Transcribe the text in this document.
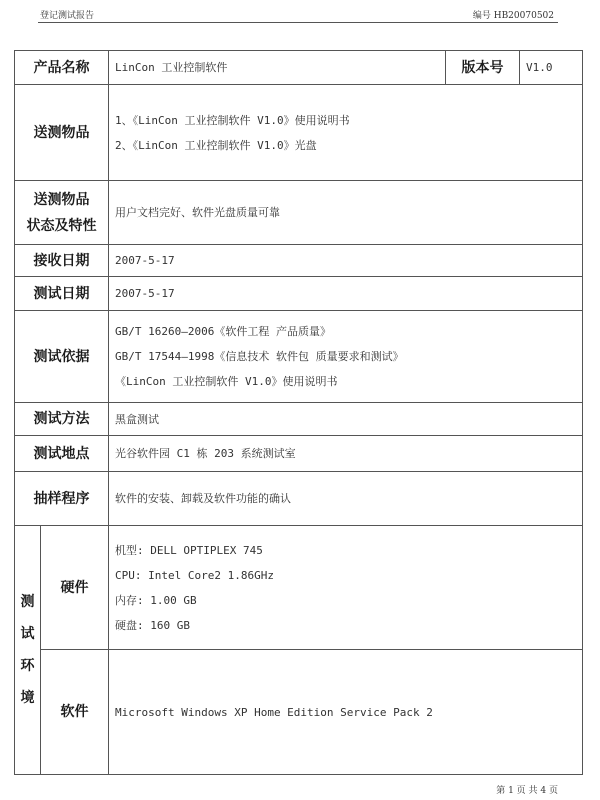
登记测试报告	编号 HB20070502
产品名称		LinCon 工业控制软件	版本号	V1.0

送测物品		1、《LinCon 工业控制软件 V1.0》使用说明书
2、《LinCon 工业控制软件 V1.0》光盘		

送测物品
状态及特性		用户文档完好、软件光盘质量可靠		

接收日期		2007-5-17		

测试日期		2007-5-17		

测试依据		GB/T 16260—2006《软件工程 产品质量》
GB/T 17544—1998《信息技术 软件包 质量要求和测试》
《LinCon 工业控制软件 V1.0》使用说明书		

测试方法		黑盒测试		

测试地点		光谷软件园 C1 栋 203 系统测试室		

抽样程序		软件的安装、卸载及软件功能的确认		

测
试
环
境	硬件	机型: DELL OPTIPLEX 745
CPU: Intel Core2 1.86GHz
内存: 1.00 GB
硬盘: 160 GB		

	软件	Microsoft Windows XP Home Edition Service Pack 2		
第 1 页 共 4 页
